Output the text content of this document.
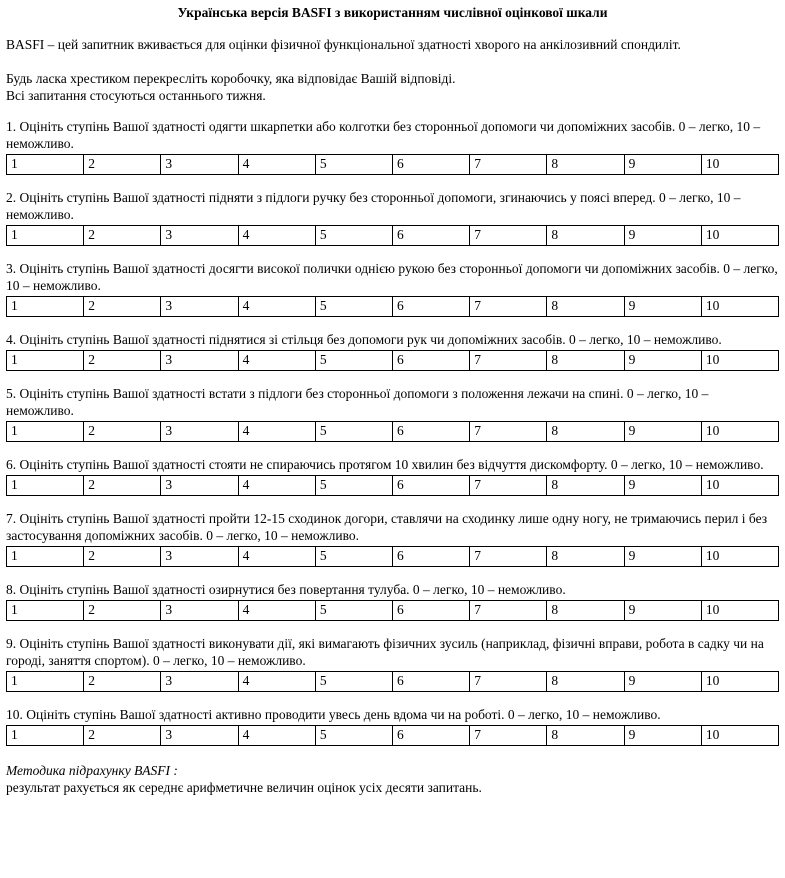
Українська версія BASFI з використанням числівної оцінкової шкали

BASFI – цей запитник вживається для оцінки фізичної функціональної здатності хворого на анкілозивний спондиліт.

Будь ласка хрестиком перекресліть коробочку, яка відповідає Вашій відповіді.
Всі запитання стосуються останнього тижня.

1. Оцініть ступінь Вашої здатності одягти шкарпетки або колготки без сторонньої допомоги чи допоміжних засобів. 0 – легко, 10 – неможливо.

1	2	3	4	5	6	7	8	9	10

2. Оцініть ступінь Вашої здатності підняти з підлоги ручку без сторонньої допомоги, згинаючись у поясі вперед. 0 – легко, 10 – неможливо.

1	2	3	4	5	6	7	8	9	10

3. Оцініть ступінь Вашої здатності досягти високої полички однією рукою без сторонньої допомоги чи допоміжних засобів. 0 – легко, 10 – неможливо.

1	2	3	4	5	6	7	8	9	10

4. Оцініть ступінь Вашої здатності піднятися зі стільця без допомоги рук чи допоміжних засобів. 0 – легко, 10 – неможливо.

1	2	3	4	5	6	7	8	9	10

5. Оцініть ступінь Вашої здатності встати з підлоги без сторонньої допомоги з положення лежачи на спині. 0 – легко, 10 – неможливо.

1	2	3	4	5	6	7	8	9	10

6. Оцініть ступінь Вашої здатності стояти не спираючись протягом 10 хвилин без відчуття дискомфорту. 0 – легко, 10 – неможливо.

1	2	3	4	5	6	7	8	9	10

7. Оцініть ступінь Вашої здатності пройти 12-15 сходинок догори, ставлячи на сходинку лише одну ногу, не тримаючись перил і без застосування допоміжних засобів. 0 – легко, 10 – неможливо.

1	2	3	4	5	6	7	8	9	10

8. Оцініть ступінь Вашої здатності озирнутися без повертання тулуба. 0 – легко, 10 – неможливо.

1	2	3	4	5	6	7	8	9	10

9. Оцініть ступінь Вашої здатності виконувати дії, які вимагають фізичних зусиль (наприклад, фізичні вправи, робота в садку чи на городі, заняття спортом). 0 – легко, 10 – неможливо.

1	2	3	4	5	6	7	8	9	10

10. Оцініть ступінь Вашої здатності активно проводити увесь день вдома чи на роботі. 0 – легко, 10 – неможливо.

1	2	3	4	5	6	7	8	9	10

Методика підрахунку BASFI :

результат рахується як середнє арифметичне величин оцінок усіх десяти запитань.
